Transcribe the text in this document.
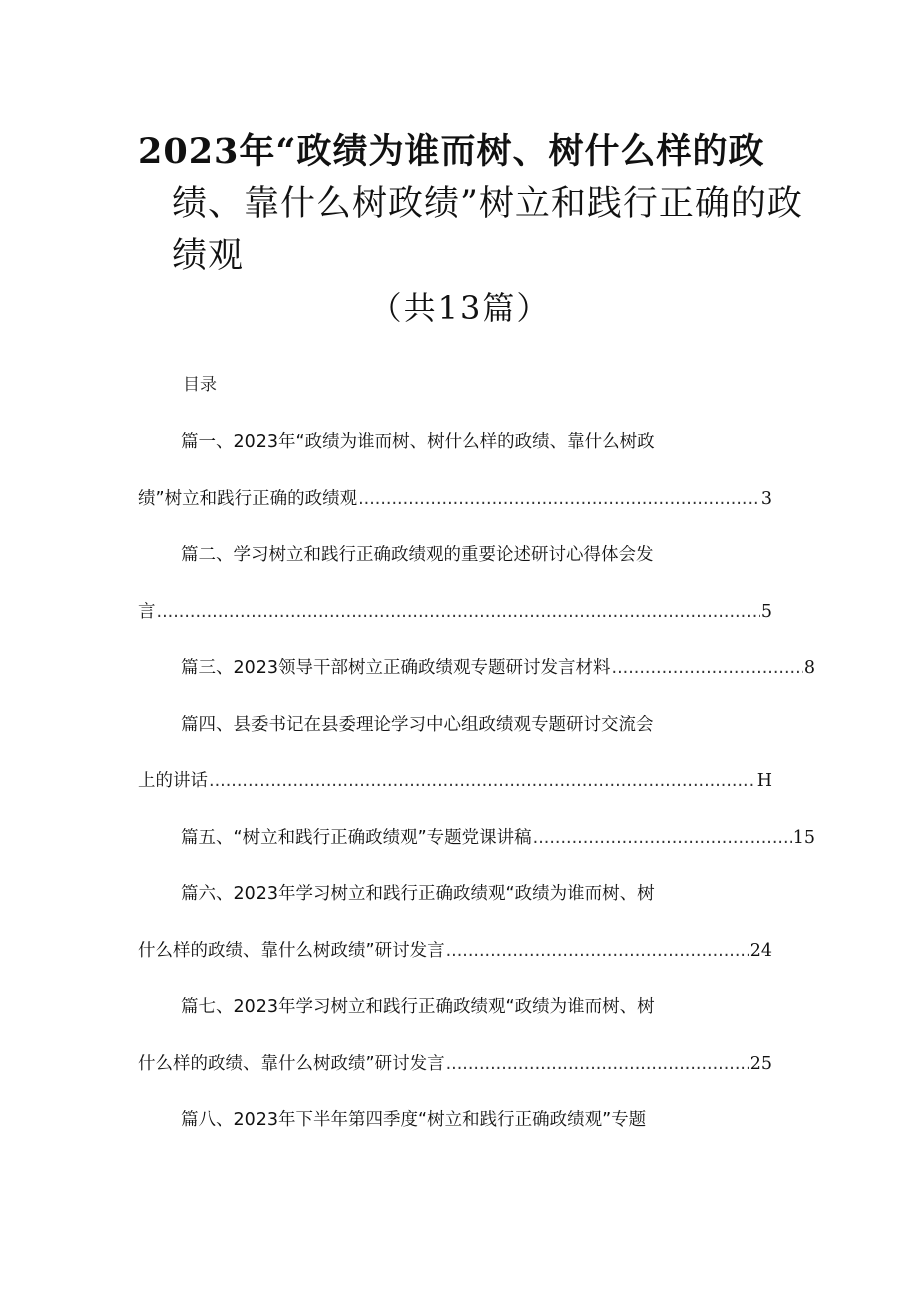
2023年“政绩为谁而树、树什么样的政
绩、靠什么树政绩”树立和践行正确的政
绩观
（共13篇）
目录
篇一、2023年“政绩为谁而树、树什么样的政绩、靠什么树政
绩”树立和践行正确的政绩观 .....	3
篇二、学习树立和践行正确政绩观的重要论述研讨心得体会发
言 .....	5
篇三、2023领导干部树立正确政绩观专题研讨发言材料 .....	8
篇四、县委书记在县委理论学习中心组政绩观专题研讨交流会
上的讲话 .....	H
篇五、“树立和践行正确政绩观”专题党课讲稿 .....	15
篇六、2023年学习树立和践行正确政绩观“政绩为谁而树、树
什么样的政绩、靠什么树政绩”研讨发言 .....	24
篇七、2023年学习树立和践行正确政绩观“政绩为谁而树、树
什么样的政绩、靠什么树政绩”研讨发言 .....	25
篇八、2023年下半年第四季度“树立和践行正确政绩观”专题
